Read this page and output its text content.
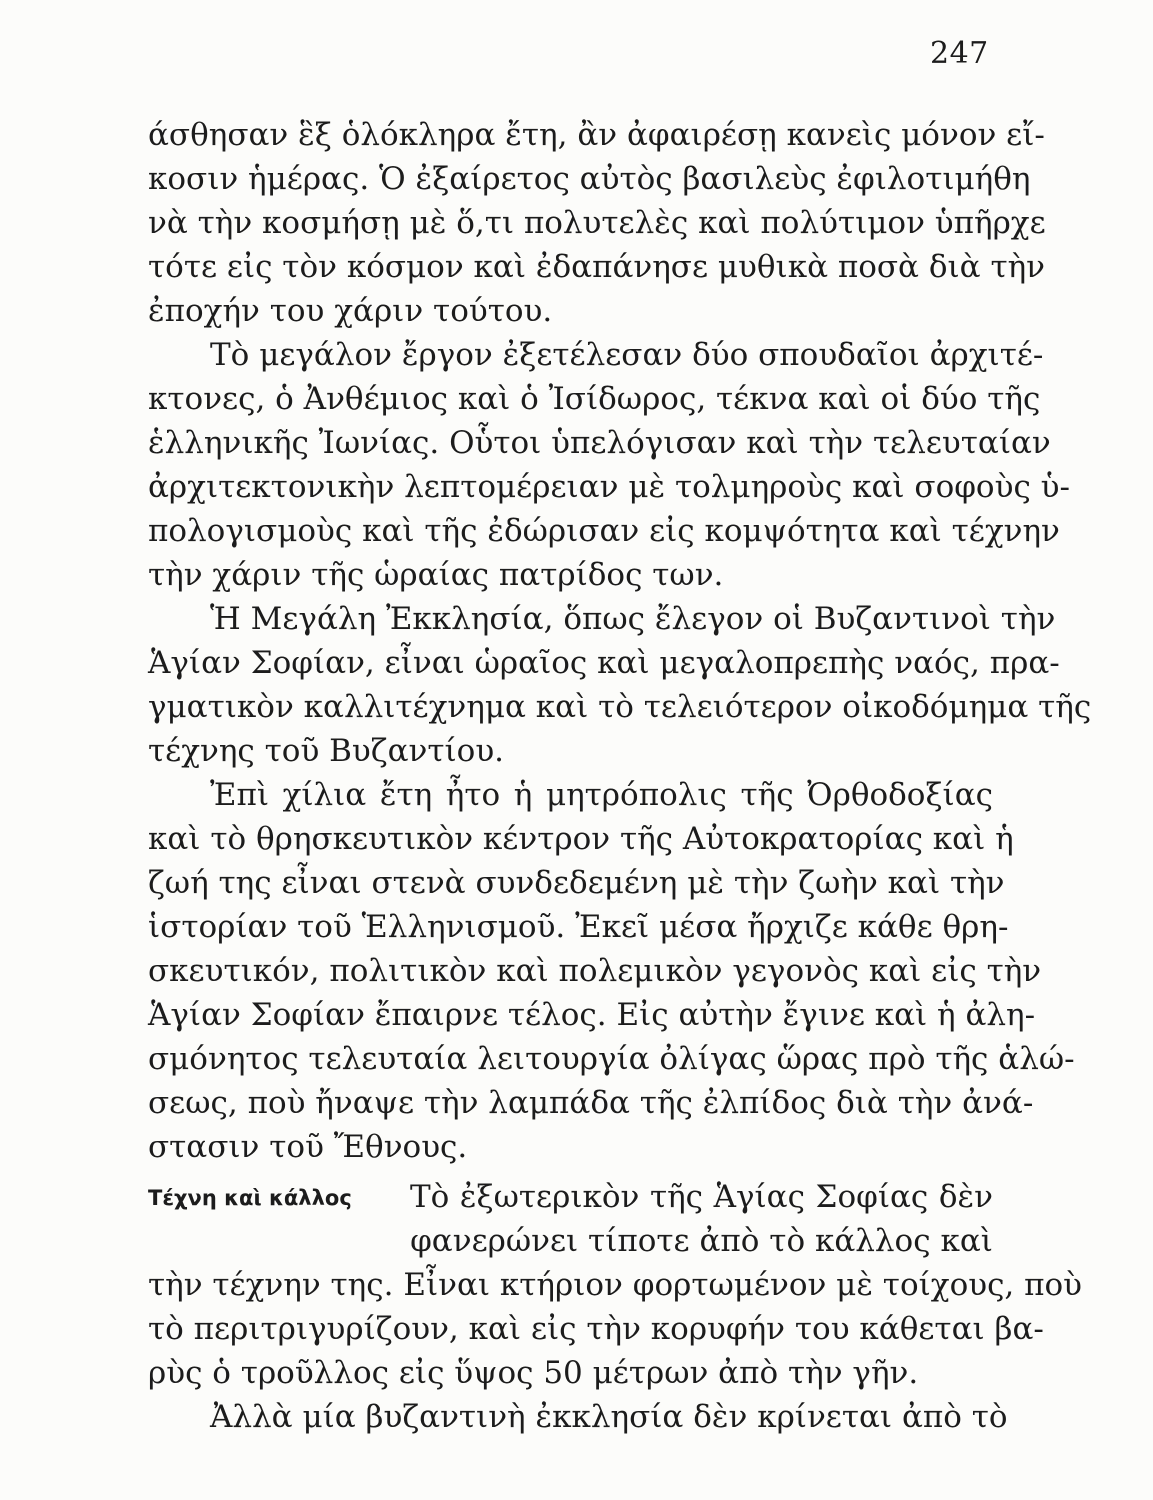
247
άσθησαν ἓξ ὁλόκληρα ἔτη, ἂν ἀφαιρέσῃ κανεὶς μόνον εἴ-
κοσιν ἡμέρας. Ὁ ἐξαίρετος αὐτὸς βασιλεὺς ἐφιλοτιμήθη
νὰ τὴν κοσμήσῃ μὲ ὅ,τι πολυτελὲς καὶ πολύτιμον ὑπῆρχε
τότε εἰς τὸν κόσμον καὶ ἐδαπάνησε μυθικὰ ποσὰ διὰ τὴν
ἐποχήν του χάριν τούτου.
Τὸ μεγάλον ἔργον ἐξετέλεσαν δύο σπουδαῖοι ἀρχιτέ-
κτονες, ὁ Ἀνθέμιος καὶ ὁ Ἰσίδωρος, τέκνα καὶ οἱ δύο τῆς
ἑλληνικῆς Ἰωνίας. Οὗτοι ὑπελόγισαν καὶ τὴν τελευταίαν
ἀρχιτεκτονικὴν λεπτομέρειαν μὲ τολμηροὺς καὶ σοφοὺς ὑ-
πολογισμοὺς καὶ τῆς ἐδώρισαν εἰς κομψότητα καὶ τέχνην
τὴν χάριν τῆς ὡραίας πατρίδος των.
Ἡ Μεγάλη Ἐκκλησία, ὅπως ἔλεγον οἱ Βυζαντινοὶ τὴν
Ἁγίαν Σοφίαν, εἶναι ὡραῖος καὶ μεγαλοπρεπὴς ναός, πρα-
γματικὸν καλλιτέχνημα καὶ τὸ τελειότερον οἰκοδόμημα τῆς
τέχνης τοῦ Βυζαντίου.
Ἐπὶ χίλια ἔτη ἦτο ἡ μητρόπολις τῆς Ὀρθοδοξίας
καὶ τὸ θρησκευτικὸν κέντρον τῆς Αὐτοκρατορίας καὶ ἡ
ζωή της εἶναι στενὰ συνδεδεμένη μὲ τὴν ζωὴν καὶ τὴν
ἱστορίαν τοῦ Ἑλληνισμοῦ. Ἐκεῖ μέσα ἤρχιζε κάθε θρη-
σκευτικόν, πολιτικὸν καὶ πολεμικὸν γεγονὸς καὶ εἰς τὴν
Ἁγίαν Σοφίαν ἔπαιρνε τέλος. Εἰς αὐτὴν ἔγινε καὶ ἡ ἀλη-
σμόνητος τελευταία λειτουργία ὀλίγας ὥρας πρὸ τῆς ἁλώ-
σεως, ποὺ ἤναψε τὴν λαμπάδα τῆς ἐλπίδος διὰ τὴν ἀνά-
στασιν τοῦ Ἔθνους.
Τέχνη καὶ κάλλος Τὸ ἐξωτερικὸν τῆς Ἁγίας Σοφίας δὲν
φανερώνει τίποτε ἀπὸ τὸ κάλλος καὶ
τὴν τέχνην της. Εἶναι κτήριον φορτωμένον μὲ τοίχους, ποὺ
τὸ περιτριγυρίζουν, καὶ εἰς τὴν κορυφήν του κάθεται βα-
ρὺς ὁ τροῦλλος εἰς ὕψος 50 μέτρων ἀπὸ τὴν γῆν.
Ἀλλὰ μία βυζαντινὴ ἐκκλησία δὲν κρίνεται ἀπὸ τὸ
